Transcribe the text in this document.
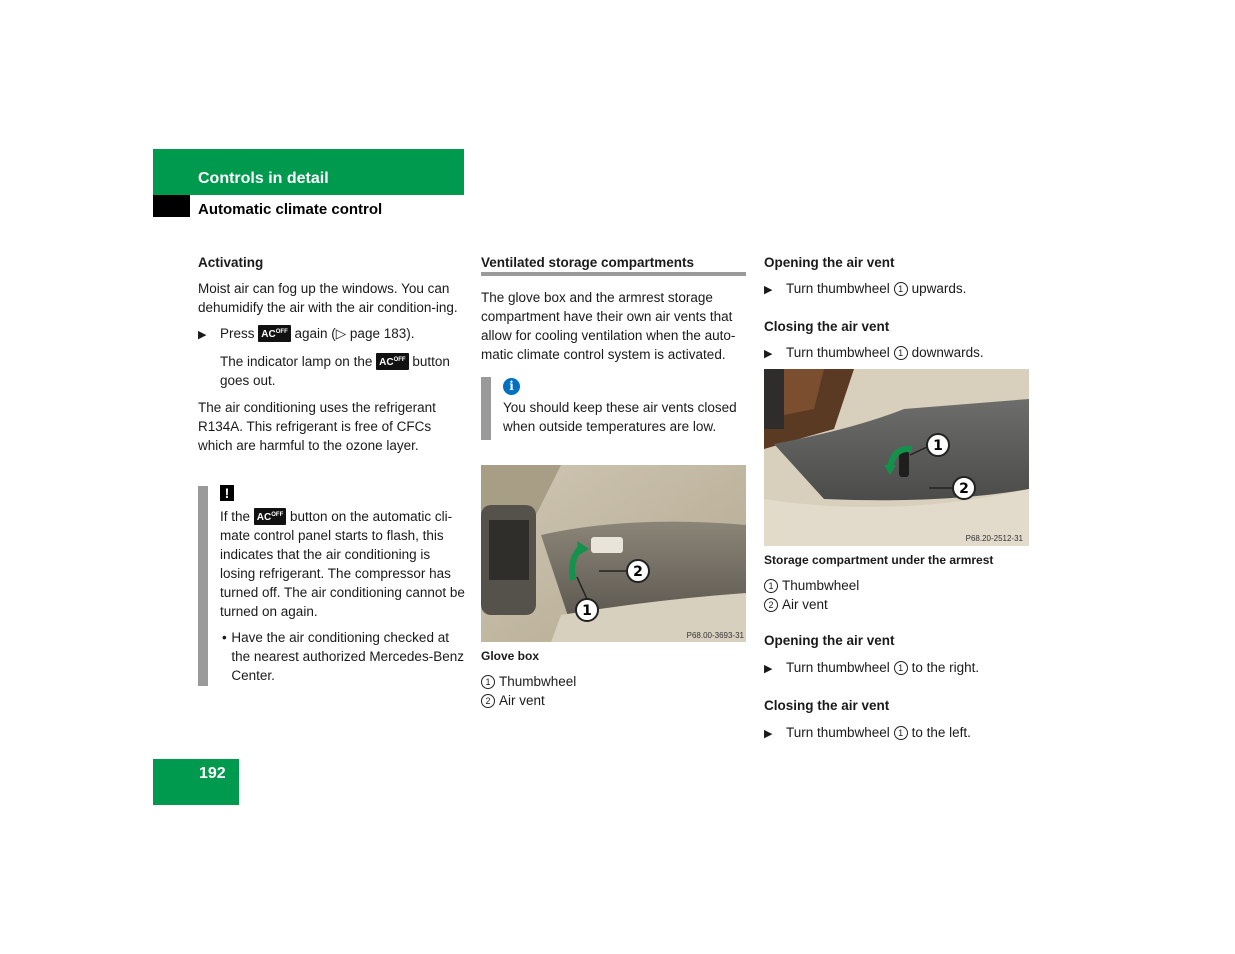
Controls in detail
Automatic climate control

Activating

Moist air can fog up the windows. You can dehumidify the air with the air condition-ing.

▶ Press $AC^{OFF}$ again (▷ page 183).

The indicator lamp on the $AC^{OFF}$ button goes out.

The air conditioning uses the refrigerant R134A. This refrigerant is free of CFCs which are harmful to the ozone layer.

!

If the $AC^{OFF}$ button on the automatic cli-mate control panel starts to flash, this indicates that the air conditioning is losing refrigerant. The compressor has turned off. The air conditioning cannot be turned on again.

• Have the air conditioning checked at the nearest authorized Mercedes-Benz Center.

Ventilated storage compartments

The glove box and the armrest storage compartment have their own air vents that allow for cooling ventilation when the auto-matic climate control system is activated.

i

You should keep these air vents closed when outside temperatures are low.

1
2
P68.00-3693-31

Glove box

1 Thumbwheel

2 Air vent

Opening the air vent

▶ Turn thumbwheel 1 upwards.

Closing the air vent

▶ Turn thumbwheel 1 downwards.

1
2
P68.20-2512-31

Storage compartment under the armrest

1 Thumbwheel

2 Air vent

Opening the air vent

▶ Turn thumbwheel 1 to the right.

Closing the air vent

▶ Turn thumbwheel 1 to the left.

192
